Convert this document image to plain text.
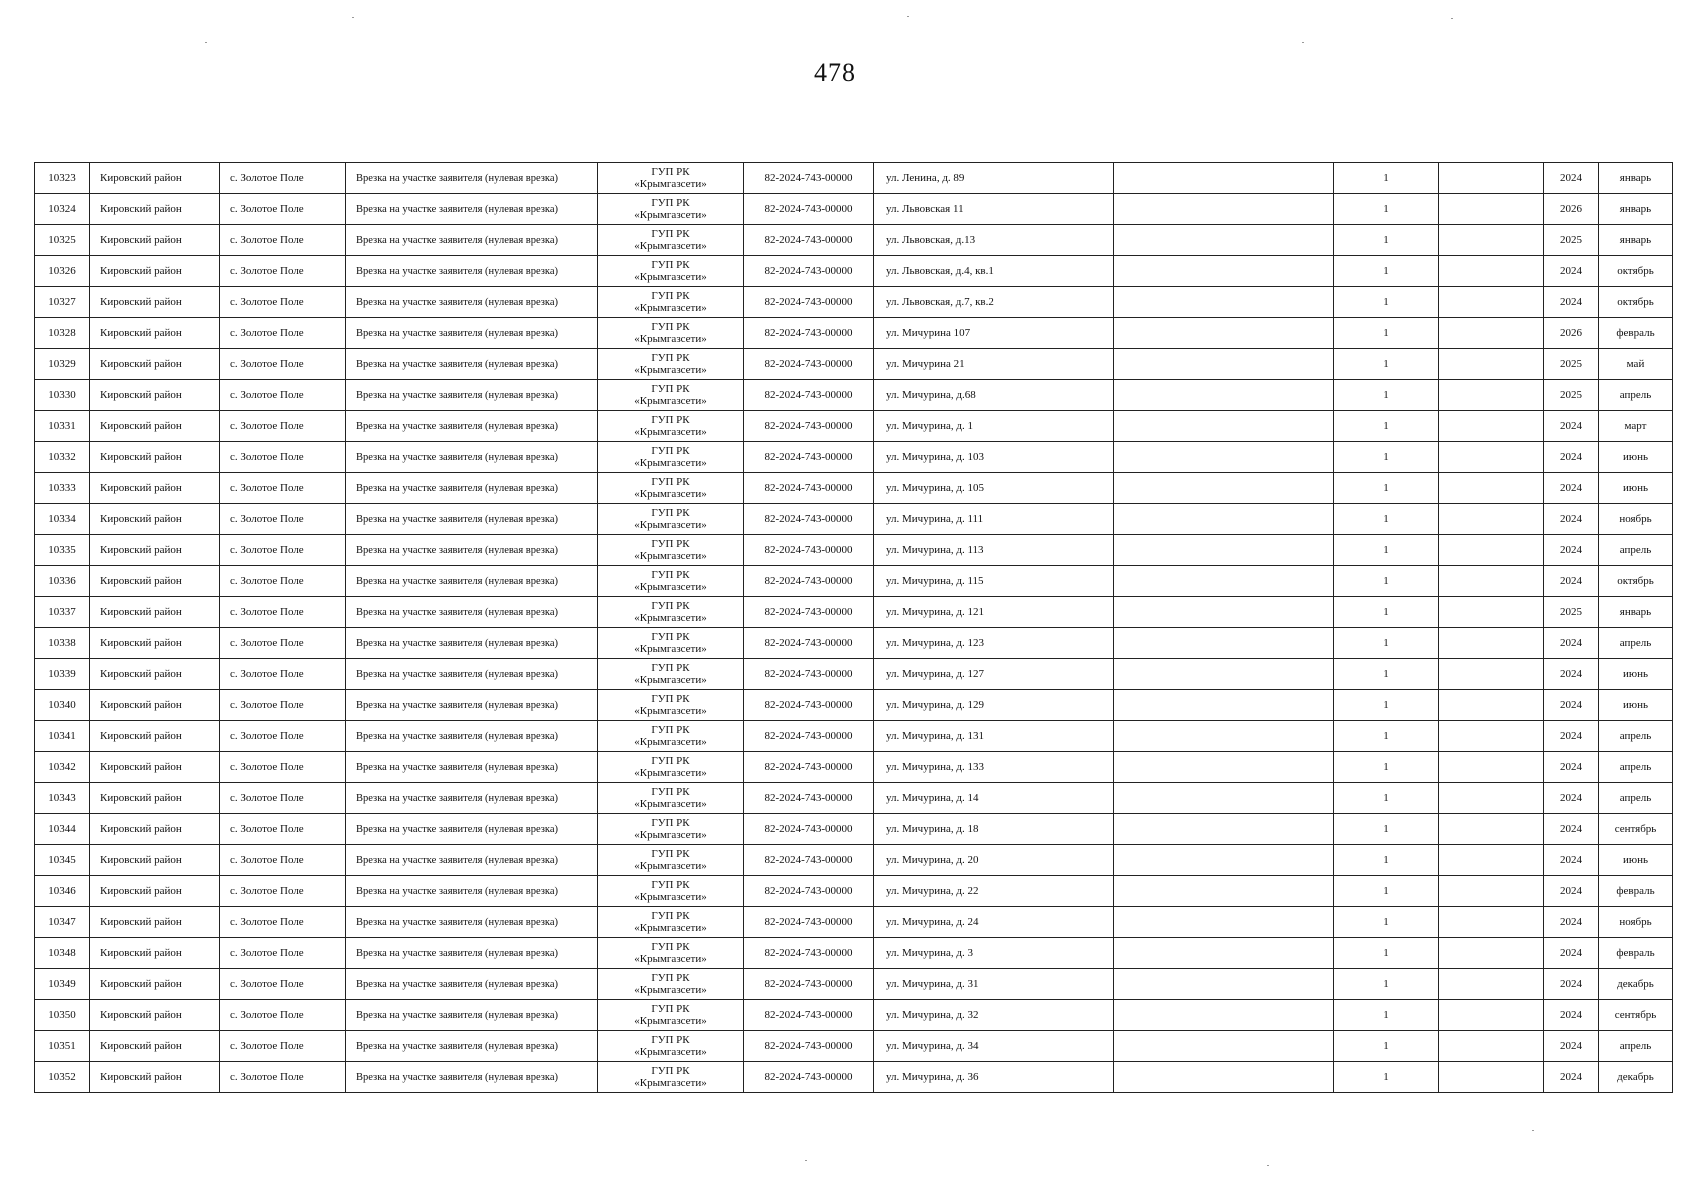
478
10323	Кировский район	с. Золотое Поле	Врезка на участке заявителя (нулевая врезка)	ГУП РК
«Крымгазсети»	82-2024-743-00000	ул. Ленина, д. 89		1		2024	январь
10324	Кировский район	с. Золотое Поле	Врезка на участке заявителя (нулевая врезка)	ГУП РК
«Крымгазсети»	82-2024-743-00000	ул. Львовская 11		1		2026	январь
10325	Кировский район	с. Золотое Поле	Врезка на участке заявителя (нулевая врезка)	ГУП РК
«Крымгазсети»	82-2024-743-00000	ул. Львовская, д.13		1		2025	январь
10326	Кировский район	с. Золотое Поле	Врезка на участке заявителя (нулевая врезка)	ГУП РК
«Крымгазсети»	82-2024-743-00000	ул. Львовская, д.4, кв.1		1		2024	октябрь
10327	Кировский район	с. Золотое Поле	Врезка на участке заявителя (нулевая врезка)	ГУП РК
«Крымгазсети»	82-2024-743-00000	ул. Львовская, д.7, кв.2		1		2024	октябрь
10328	Кировский район	с. Золотое Поле	Врезка на участке заявителя (нулевая врезка)	ГУП РК
«Крымгазсети»	82-2024-743-00000	ул. Мичурина 107		1		2026	февраль
10329	Кировский район	с. Золотое Поле	Врезка на участке заявителя (нулевая врезка)	ГУП РК
«Крымгазсети»	82-2024-743-00000	ул. Мичурина 21		1		2025	май
10330	Кировский район	с. Золотое Поле	Врезка на участке заявителя (нулевая врезка)	ГУП РК
«Крымгазсети»	82-2024-743-00000	ул. Мичурина, д.68		1		2025	апрель
10331	Кировский район	с. Золотое Поле	Врезка на участке заявителя (нулевая врезка)	ГУП РК
«Крымгазсети»	82-2024-743-00000	ул. Мичурина, д. 1		1		2024	март
10332	Кировский район	с. Золотое Поле	Врезка на участке заявителя (нулевая врезка)	ГУП РК
«Крымгазсети»	82-2024-743-00000	ул. Мичурина, д. 103		1		2024	июнь
10333	Кировский район	с. Золотое Поле	Врезка на участке заявителя (нулевая врезка)	ГУП РК
«Крымгазсети»	82-2024-743-00000	ул. Мичурина, д. 105		1		2024	июнь
10334	Кировский район	с. Золотое Поле	Врезка на участке заявителя (нулевая врезка)	ГУП РК
«Крымгазсети»	82-2024-743-00000	ул. Мичурина, д. 111		1		2024	ноябрь
10335	Кировский район	с. Золотое Поле	Врезка на участке заявителя (нулевая врезка)	ГУП РК
«Крымгазсети»	82-2024-743-00000	ул. Мичурина, д. 113		1		2024	апрель
10336	Кировский район	с. Золотое Поле	Врезка на участке заявителя (нулевая врезка)	ГУП РК
«Крымгазсети»	82-2024-743-00000	ул. Мичурина, д. 115		1		2024	октябрь
10337	Кировский район	с. Золотое Поле	Врезка на участке заявителя (нулевая врезка)	ГУП РК
«Крымгазсети»	82-2024-743-00000	ул. Мичурина, д. 121		1		2025	январь
10338	Кировский район	с. Золотое Поле	Врезка на участке заявителя (нулевая врезка)	ГУП РК
«Крымгазсети»	82-2024-743-00000	ул. Мичурина, д. 123		1		2024	апрель
10339	Кировский район	с. Золотое Поле	Врезка на участке заявителя (нулевая врезка)	ГУП РК
«Крымгазсети»	82-2024-743-00000	ул. Мичурина, д. 127		1		2024	июнь
10340	Кировский район	с. Золотое Поле	Врезка на участке заявителя (нулевая врезка)	ГУП РК
«Крымгазсети»	82-2024-743-00000	ул. Мичурина, д. 129		1		2024	июнь
10341	Кировский район	с. Золотое Поле	Врезка на участке заявителя (нулевая врезка)	ГУП РК
«Крымгазсети»	82-2024-743-00000	ул. Мичурина, д. 131		1		2024	апрель
10342	Кировский район	с. Золотое Поле	Врезка на участке заявителя (нулевая врезка)	ГУП РК
«Крымгазсети»	82-2024-743-00000	ул. Мичурина, д. 133		1		2024	апрель
10343	Кировский район	с. Золотое Поле	Врезка на участке заявителя (нулевая врезка)	ГУП РК
«Крымгазсети»	82-2024-743-00000	ул. Мичурина, д. 14		1		2024	апрель
10344	Кировский район	с. Золотое Поле	Врезка на участке заявителя (нулевая врезка)	ГУП РК
«Крымгазсети»	82-2024-743-00000	ул. Мичурина, д. 18		1		2024	сентябрь
10345	Кировский район	с. Золотое Поле	Врезка на участке заявителя (нулевая врезка)	ГУП РК
«Крымгазсети»	82-2024-743-00000	ул. Мичурина, д. 20		1		2024	июнь
10346	Кировский район	с. Золотое Поле	Врезка на участке заявителя (нулевая врезка)	ГУП РК
«Крымгазсети»	82-2024-743-00000	ул. Мичурина, д. 22		1		2024	февраль
10347	Кировский район	с. Золотое Поле	Врезка на участке заявителя (нулевая врезка)	ГУП РК
«Крымгазсети»	82-2024-743-00000	ул. Мичурина, д. 24		1		2024	ноябрь
10348	Кировский район	с. Золотое Поле	Врезка на участке заявителя (нулевая врезка)	ГУП РК
«Крымгазсети»	82-2024-743-00000	ул. Мичурина, д. 3		1		2024	февраль
10349	Кировский район	с. Золотое Поле	Врезка на участке заявителя (нулевая врезка)	ГУП РК
«Крымгазсети»	82-2024-743-00000	ул. Мичурина, д. 31		1		2024	декабрь
10350	Кировский район	с. Золотое Поле	Врезка на участке заявителя (нулевая врезка)	ГУП РК
«Крымгазсети»	82-2024-743-00000	ул. Мичурина, д. 32		1		2024	сентябрь
10351	Кировский район	с. Золотое Поле	Врезка на участке заявителя (нулевая врезка)	ГУП РК
«Крымгазсети»	82-2024-743-00000	ул. Мичурина, д. 34		1		2024	апрель
10352	Кировский район	с. Золотое Поле	Врезка на участке заявителя (нулевая врезка)	ГУП РК
«Крымгазсети»	82-2024-743-00000	ул. Мичурина, д. 36		1		2024	декабрь
